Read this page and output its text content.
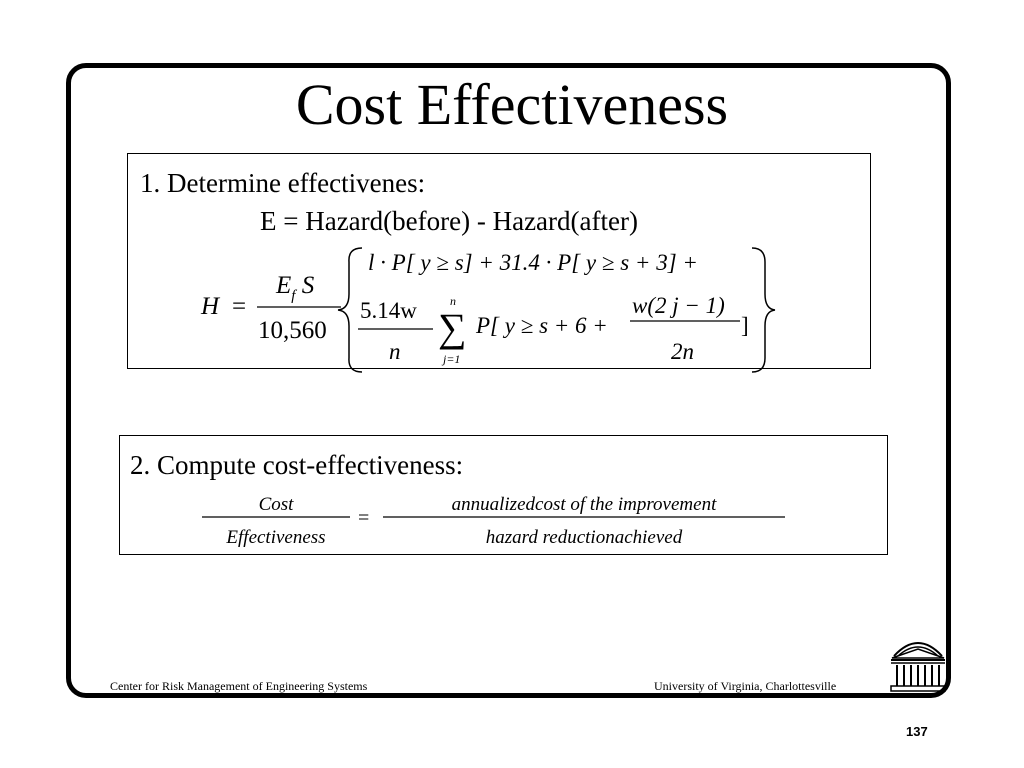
Cost Effectiveness
1. Determine effectivenes:
E = Hazard(before) - Hazard(after)
H =
$E_f$ S
10,560
l · P[ y ≥ s] + 31.4 · P[ y ≥ s + 3] +
5.14w
n
n
∑
j=1
P[ y ≥ s + 6 +
w(2 j − 1)
2n
]
2. Compute cost-effectiveness:
Cost
Effectiveness
=
annualizedcost of the improvement
hazard reductionachieved
Center for Risk Management of Engineering Systems	University of Virginia, Charlottesville
137
